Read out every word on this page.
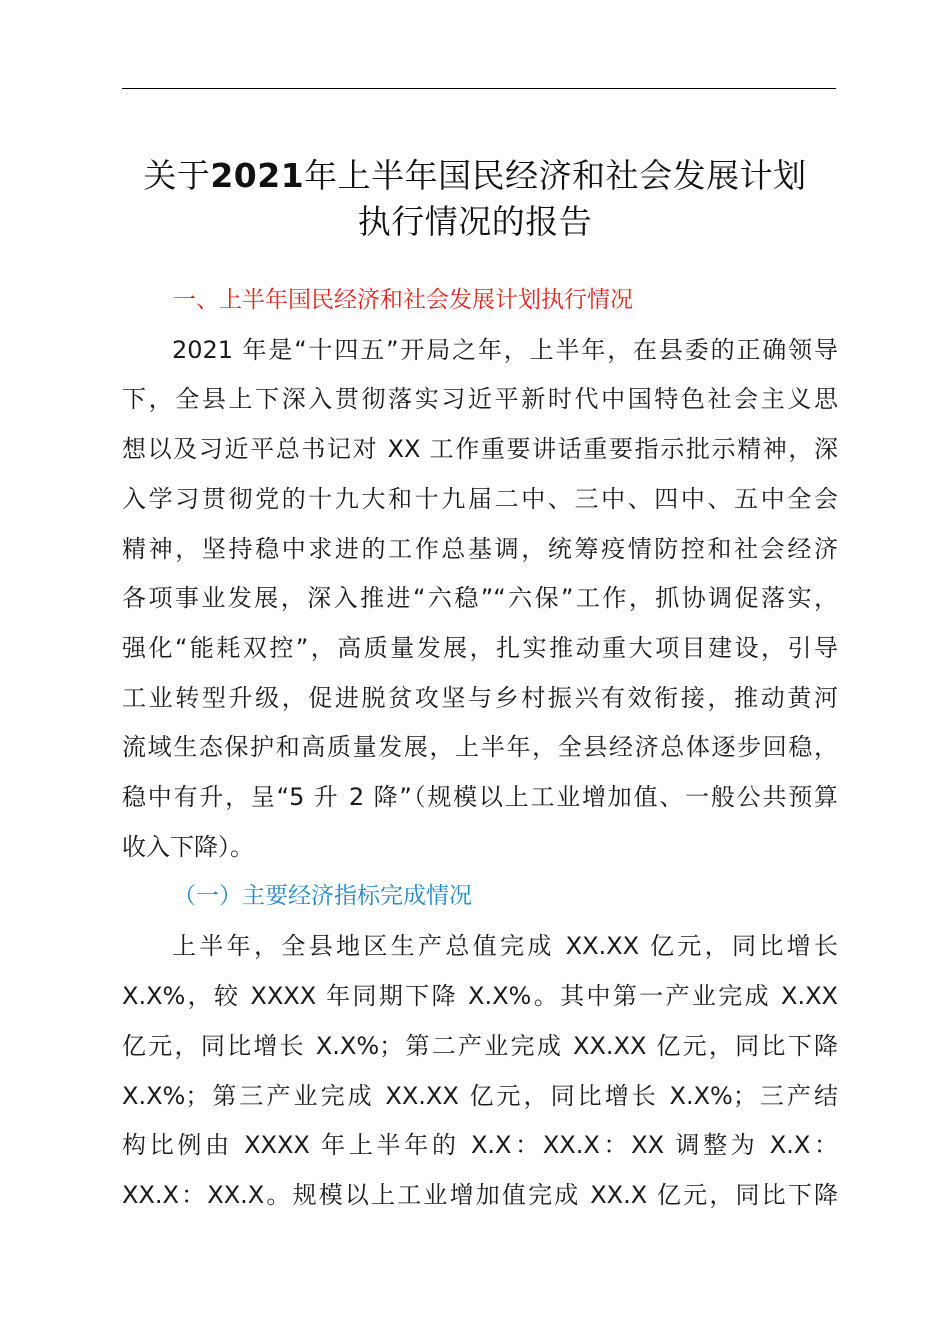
关于2021年上半年国民经济和社会发展计划
执行情况的报告
一、上半年国民经济和社会发展计划执行情况
2021 年是“十四五”开局之年，上半年，在县委的正确领导
下，全县上下深入贯彻落实习近平新时代中国特色社会主义思
想以及习近平总书记对 XX 工作重要讲话重要指示批示精神，深
入学习贯彻党的十九大和十九届二中、三中、四中、五中全会
精神，坚持稳中求进的工作总基调，统筹疫情防控和社会经济
各项事业发展，深入推进“六稳”“六保”工作，抓协调促落实，
强化“能耗双控”，高质量发展，扎实推动重大项目建设，引导
工业转型升级，促进脱贫攻坚与乡村振兴有效衔接，推动黄河
流域生态保护和高质量发展，上半年，全县经济总体逐步回稳，
稳中有升，呈“5 升 2 降”（规模以上工业增加值、一般公共预算
收入下降）。
（一）主要经济指标完成情况
上半年，全县地区生产总值完成 XX.XX 亿元，同比增长
X.X%，较 XXXX 年同期下降 X.X%。其中第一产业完成 X.XX
亿元，同比增长 X.X%；第二产业完成 XX.XX 亿元，同比下降
X.X%；第三产业完成 XX.XX 亿元，同比增长 X.X%；三产结
构比例由 XXXX 年上半年的 X.X：XX.X：XX 调整为 X.X：
XX.X：XX.X。规模以上工业增加值完成 XX.X 亿元，同比下降
